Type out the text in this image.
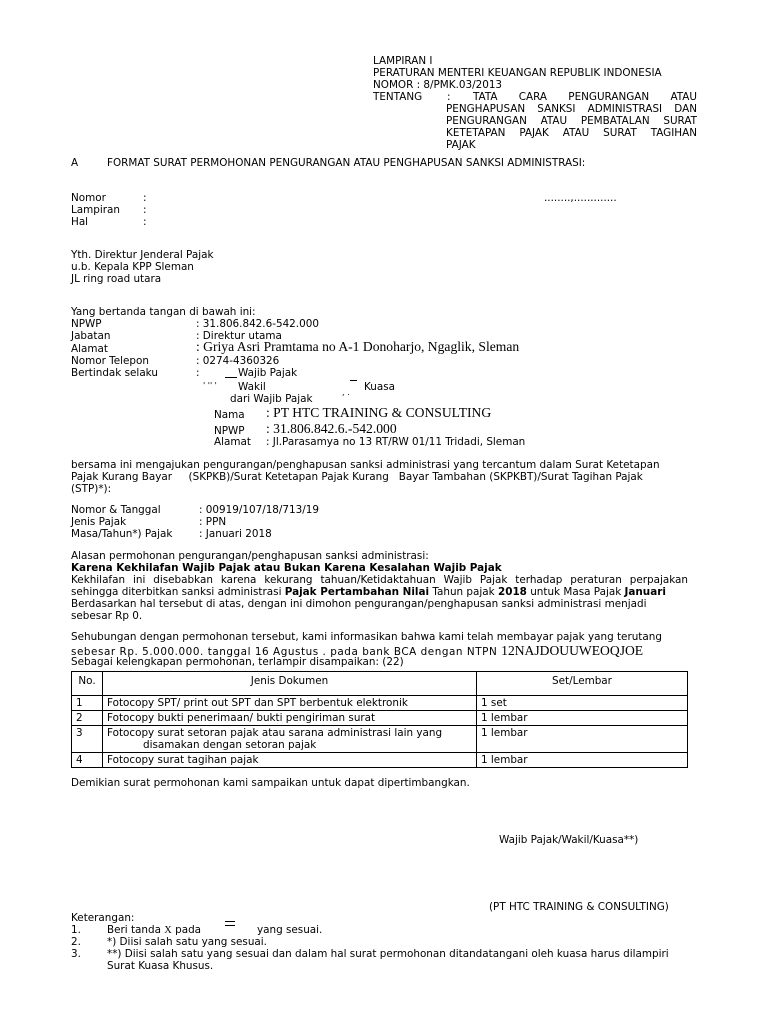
LAMPIRAN I
PERATURAN MENTERI KEUANGAN REPUBLIK INDONESIA
NOMOR : 8/PMK.03/2013
TENTANG : TATA CARA PENGURANGAN ATAU
PENGHAPUSAN SANKSI ADMINISTRASI DAN
PENGURANGAN ATAU PEMBATALAN SURAT
KETETAPAN PAJAK ATAU SURAT TAGIHAN
PAJAK
A	FORMAT SURAT PERMOHONAN PENGURANGAN ATAU PENGHAPUSAN SANKSI ADMINISTRASI:
Nomor	:	........,.............
Lampiran :
Hal	:
Yth. Direktur Jenderal Pajak
u.b. Kepala KPP Sleman
JL ring road utara
Yang bertanda tangan di bawah ini:
NPWP	: 31.806.842.6-542.000
Jabatan	: Direktur utama
Alamat	: Griya Asri Pramtama no A-1 Donoharjo, Ngaglik, Sleman
Nomor Telepon	: 0274-4360326
Bertindak selaku	:	Wajib Pajak
' '' ' Wakil	, . Kuasa
dari Wajib Pajak
Nama : PT HTC TRAINING & CONSULTING
NPWP : 31.806.842.6.-542.000
Alamat : Jl.Parasamya no 13 RT/RW 01/11 Tridadi, Sleman
bersama ini mengajukan pengurangan/penghapusan sanksi administrasi yang tercantum dalam Surat Ketetapan
Pajak Kurang Bayar     (SKPKB)/Surat Ketetapan Pajak Kurang   Bayar Tambahan (SKPKBT)/Surat Tagihan Pajak
(STP)*):
Nomor & Tanggal	: 00919/107/18/713/19
Jenis Pajak	: PPN
Masa/Tahun*) Pajak	: Januari 2018
Alasan permohonan pengurangan/penghapusan sanksi administrasi:
Karena Kekhilafan Wajib Pajak atau Bukan Karena Kesalahan Wajib Pajak
Kekhilafan ini disebabkan karena kekurang tahuan/Ketidaktahuan Wajib Pajak terhadap peraturan perpajakan
sehingga diterbitkan sanksi administrasi Pajak Pertambahan Nilai Tahun pajak 2018 untuk Masa Pajak Januari
Berdasarkan hal tersebut di atas, dengan ini dimohon pengurangan/penghapusan sanksi administrasi menjadi
sebesar Rp 0.
Sehubungan dengan permohonan tersebut, kami informasikan bahwa kami telah membayar pajak yang terutang
sebesar Rp. 5.000.000. tanggal 16 Agustus . pada bank BCA dengan NTPN 12NAJDOUUWEOQJOE
Sebagai kelengkapan permohonan, terlampir disampaikan: (22)
No.	Jenis Dokumen	Set/Lembar
1	Fotocopy SPT/ print out SPT dan SPT berbentuk elektronik	1 set
2	Fotocopy bukti penerimaan/ bukti pengiriman surat	1 lembar
3	Fotocopy surat setoran pajak atau sarana administrasi lain yang
disamakan dengan setoran pajak	1 lembar
4	Fotocopy surat tagihan pajak	1 lembar
Demikian surat permohonan kami sampaikan untuk dapat dipertimbangkan.
Wajib Pajak/Wakil/Kuasa**)
(PT HTC TRAINING & CONSULTING)
Keterangan:
1.	Beri tanda X pada	yang sesuai.
2.	*) Diisi salah satu yang sesuai.
3.	**) Diisi salah satu yang sesuai dan dalam hal surat permohonan ditandatangani oleh kuasa harus dilampiri
Surat Kuasa Khusus.
